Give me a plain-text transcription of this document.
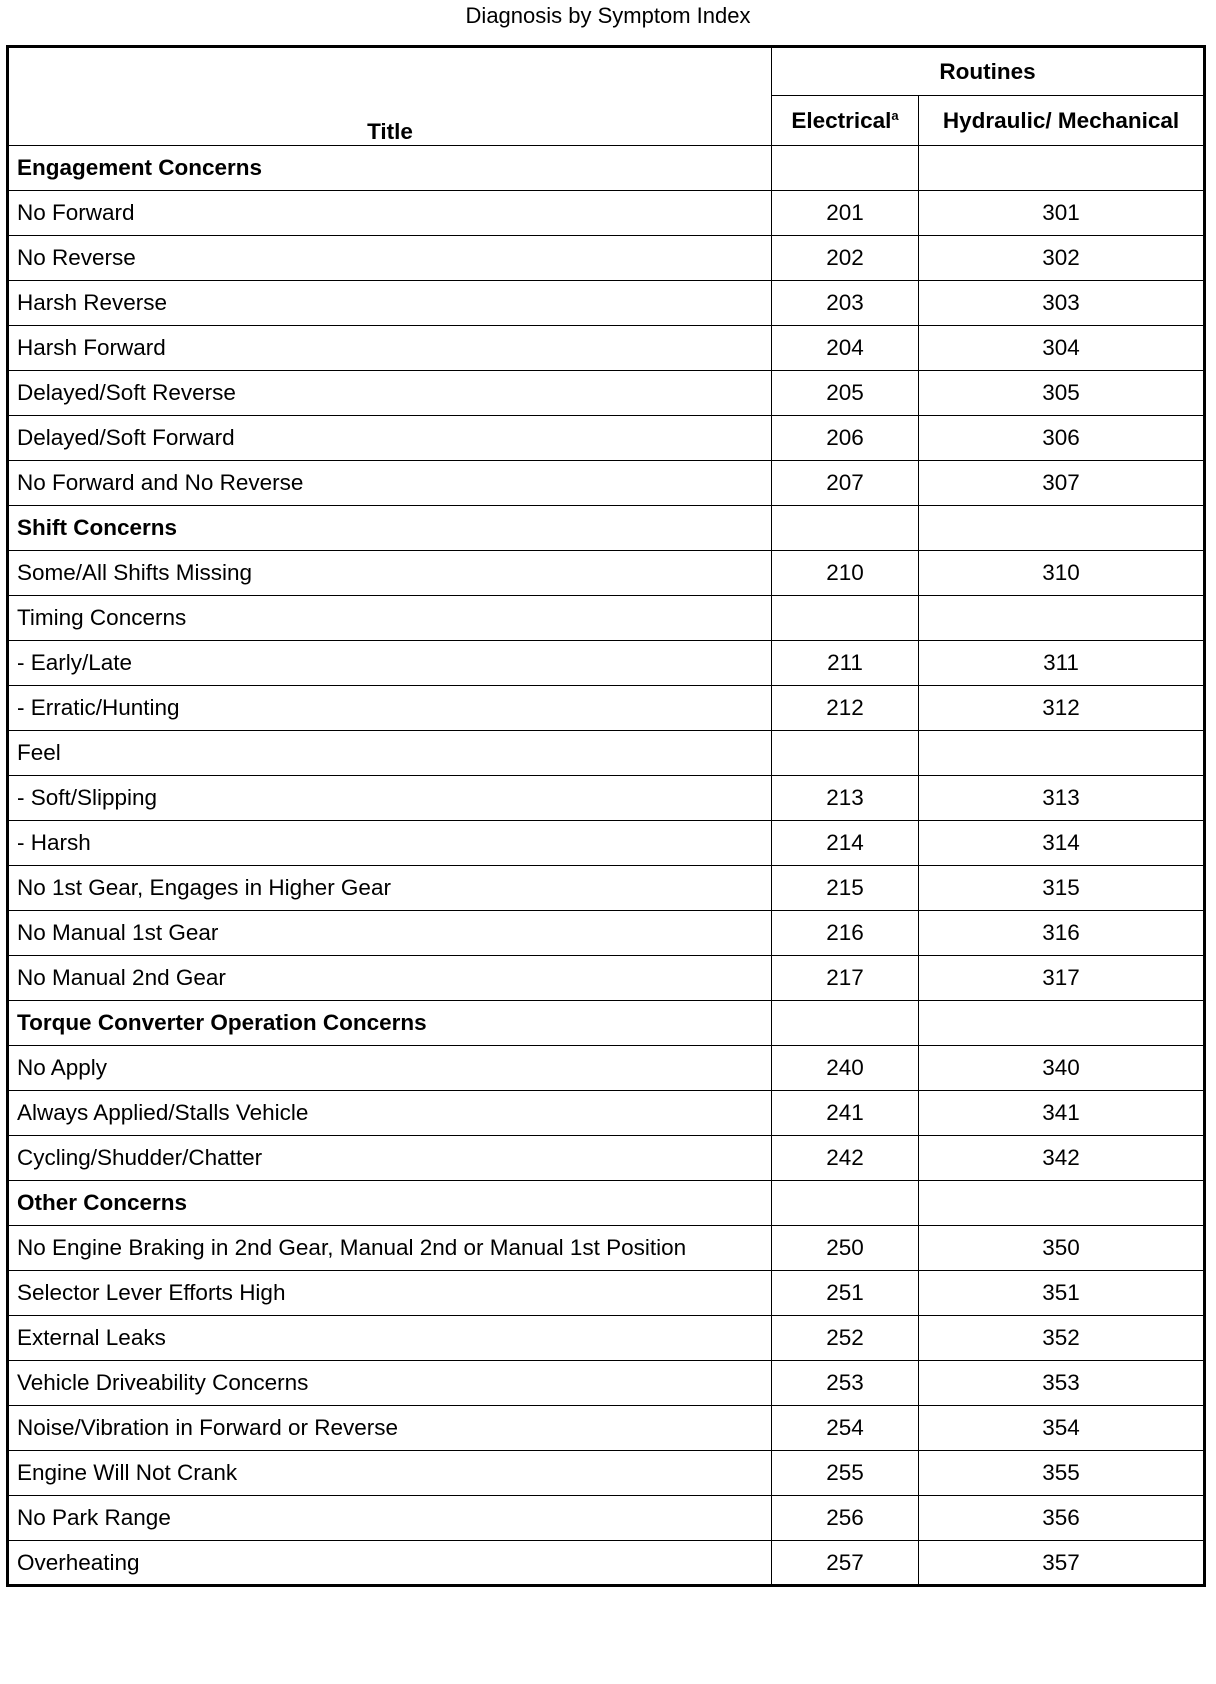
Diagnosis by Symptom Index
Title	Routines	
	Electrical$^a$	Hydraulic/ Mechanical
Engagement Concerns		
No Forward	201	301
No Reverse	202	302
Harsh Reverse	203	303
Harsh Forward	204	304
Delayed/Soft Reverse	205	305
Delayed/Soft Forward	206	306
No Forward and No Reverse	207	307
Shift Concerns		
Some/All Shifts Missing	210	310
Timing Concerns		
- Early/Late	211	311
- Erratic/Hunting	212	312
Feel		
- Soft/Slipping	213	313
- Harsh	214	314
No 1st Gear, Engages in Higher Gear	215	315
No Manual 1st Gear	216	316
No Manual 2nd Gear	217	317
Torque Converter Operation Concerns		
No Apply	240	340
Always Applied/Stalls Vehicle	241	341
Cycling/Shudder/Chatter	242	342
Other Concerns		
No Engine Braking in 2nd Gear, Manual 2nd or Manual 1st Position	250	350
Selector Lever Efforts High	251	351
External Leaks	252	352
Vehicle Driveability Concerns	253	353
Noise/Vibration in Forward or Reverse	254	354
Engine Will Not Crank	255	355
No Park Range	256	356
Overheating	257	357
